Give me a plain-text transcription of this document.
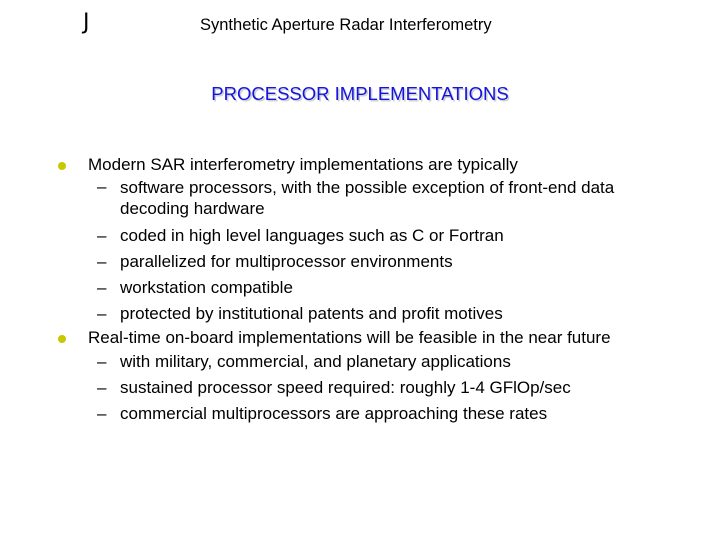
J	Synthetic Aperture Radar Interferometry
PROCESSOR IMPLEMENTATIONS
Modern SAR interferometry implementations are typically
– software processors, with the possible exception of front-end data decoding hardware
– coded in high level languages such as C or Fortran
– parallelized for multiprocessor environments
– workstation compatible
– protected by institutional patents and profit motives
Real-time on-board implementations will be feasible in the near future
– with military, commercial, and planetary applications
– sustained processor speed required: roughly 1-4 GFlOp/sec
– commercial multiprocessors are approaching these rates
